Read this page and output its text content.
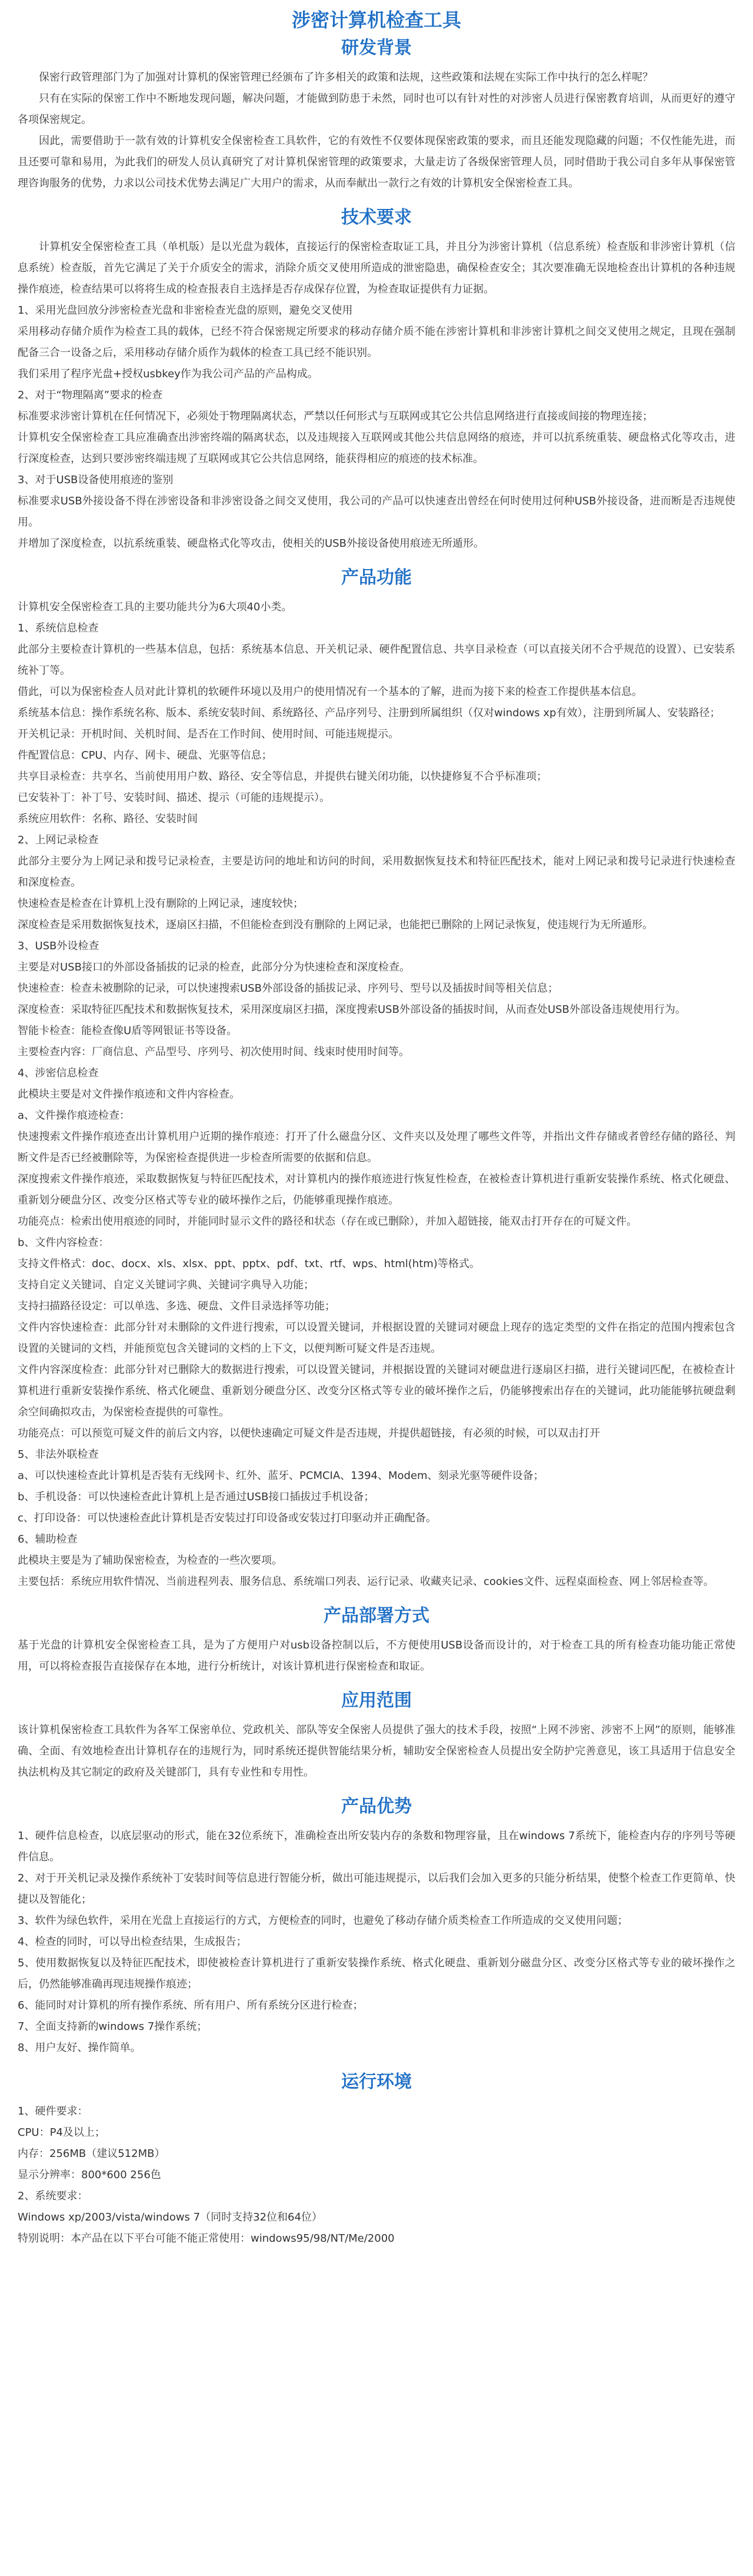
涉密计算机检查工具
研发背景

保密行政管理部门为了加强对计算机的保密管理已经颁布了许多相关的政策和法规，这些政策和法规在实际工作中执行的怎么样呢？

只有在实际的保密工作中不断地发现问题，解决问题，才能做到防患于未然，同时也可以有针对性的对涉密人员进行保密教育培训，从而更好的遵守各项保密规定。

因此，需要借助于一款有效的计算机安全保密检查工具软件，它的有效性不仅要体现保密政策的要求，而且还能发现隐藏的问题；不仅性能先进，而且还要可靠和易用，为此我们的研发人员认真研究了对计算机保密管理的政策要求，大量走访了各级保密管理人员，同时借助于我公司自多年从事保密管理咨询服务的优势，力求以公司技术优势去满足广大用户的需求，从而奉献出一款行之有效的计算机安全保密检查工具。

技术要求

计算机安全保密检查工具（单机版）是以光盘为载体，直接运行的保密检查取证工具，并且分为涉密计算机（信息系统）检查版和非涉密计算机（信息系统）检查版，首先它满足了关于介质安全的需求，消除介质交叉使用所造成的泄密隐患，确保检查安全；其次要准确无误地检查出计算机的各种违规操作痕迹，检查结果可以将将生成的检查报表自主选择是否存成保存位置，为检查取证提供有力证据。

1、采用光盘回放分涉密检查光盘和非密检查光盘的原则，避免交叉使用

采用移动存储介质作为检查工具的载体，已经不符合保密规定所要求的移动存储介质不能在涉密计算机和非涉密计算机之间交叉使用之规定，且现在强制配备三合一设备之后，采用移动存储介质作为载体的检查工具已经不能识别。

我们采用了程序光盘+授权usbkey作为我公司产品的产品构成。

2、对于“物理隔离”要求的检查

标准要求涉密计算机在任何情况下，必须处于物理隔离状态，严禁以任何形式与互联网或其它公共信息网络进行直接或间接的物理连接；

计算机安全保密检查工具应准确查出涉密终端的隔离状态，以及违规接入互联网或其他公共信息网络的痕迹，并可以抗系统重装、硬盘格式化等攻击，进行深度检查，达到只要涉密终端违规了互联网或其它公共信息网络，能获得相应的痕迹的技术标准。

3、对于USB设备使用痕迹的鉴别

标准要求USB外接设备不得在涉密设备和非涉密设备之间交叉使用，我公司的产品可以快速查出曾经在何时使用过何种USB外接设备，进而断是否违规使用。

并增加了深度检查，以抗系统重装、硬盘格式化等攻击，使相关的USB外接设备使用痕迹无所遁形。

产品功能

计算机安全保密检查工具的主要功能共分为6大项40小类。

1、系统信息检查

此部分主要检查计算机的一些基本信息，包括：系统基本信息、开关机记录、硬件配置信息、共享目录检查（可以直接关闭不合乎规范的设置）、已安装系统补丁等。

借此，可以为保密检查人员对此计算机的软硬件环境以及用户的使用情况有一个基本的了解，进而为接下来的检查工作提供基本信息。

系统基本信息：操作系统名称、版本、系统安装时间、系统路径、产品序列号、注册到所属组织（仅对windows xp有效），注册到所属人、安装路径；

开关机记录：开机时间、关机时间、是否在工作时间、使用时间、可能违规提示。

件配置信息：CPU、内存、网卡、硬盘、光驱等信息；

共享目录检查：共享名、当前使用用户数、路径、安全等信息，并提供右键关闭功能，以快捷修复不合乎标准项；

已安装补丁：补丁号、安装时间、描述、提示（可能的违规提示）。

系统应用软件：名称、路径、安装时间

2、上网记录检查

此部分主要分为上网记录和拨号记录检查，主要是访问的地址和访问的时间，采用数据恢复技术和特征匹配技术，能对上网记录和拨号记录进行快速检查和深度检查。

快速检查是检查在计算机上没有删除的上网记录，速度较快；

深度检查是采用数据恢复技术，逐扇区扫描，不但能检查到没有删除的上网记录，也能把已删除的上网记录恢复，使违规行为无所遁形。

3、USB外设检查

主要是对USB接口的外部设备插拔的记录的检查，此部分分为快速检查和深度检查。

快速检查：检查未被删除的记录，可以快速搜索USB外部设备的插拔记录、序列号、型号以及插拔时间等相关信息；

深度检查：采取特征匹配技术和数据恢复技术，采用深度扇区扫描，深度搜索USB外部设备的插拔时间，从而查处USB外部设备违规使用行为。

智能卡检查：能检查像U盾等网银证书等设备。

主要检查内容：厂商信息、产品型号、序列号、初次使用时间、线束时使用时间等。

4、涉密信息检查

此模块主要是对文件操作痕迹和文件内容检查。

a、文件操作痕迹检查：

快速搜索文件操作痕迹查出计算机用户近期的操作痕迹：打开了什么磁盘分区、文件夹以及处理了哪些文件等，并指出文件存储或者曾经存储的路径、判断文件是否已经被删除等，为保密检查提供进一步检查所需要的依据和信息。

深度搜索文件操作痕迹，采取数据恢复与特征匹配技术，对计算机内的操作痕迹进行恢复性检查，在被检查计算机进行重新安装操作系统、格式化硬盘、重新划分硬盘分区、改变分区格式等专业的破坏操作之后，仍能够重现操作痕迹。

功能亮点：检索出使用痕迹的同时，并能同时显示文件的路径和状态（存在或已删除），并加入超链接，能双击打开存在的可疑文件。

b、文件内容检查：

支持文件格式：doc、docx、xls、xlsx、ppt、pptx、pdf、txt、rtf、wps、html(htm)等格式。

支持自定义关键词、自定义关键词字典、关键词字典导入功能；

支持扫描路径设定：可以单选、多选、硬盘、文件目录选择等功能；

文件内容快速检查：此部分针对未删除的文件进行搜索，可以设置关键词，并根据设置的关键词对硬盘上现存的选定类型的文件在指定的范围内搜索包含设置的关键词的文档，并能预览包含关键词的文档的上下文，以便判断可疑文件是否违规。

文件内容深度检查：此部分针对已删除大的数据进行搜索，可以设置关键词，并根据设置的关键词对硬盘进行逐扇区扫描，进行关键词匹配，在被检查计算机进行重新安装操作系统、格式化硬盘、重新划分硬盘分区、改变分区格式等专业的破坏操作之后，仍能够搜索出存在的关键词，此功能能够抗硬盘剩余空间确拟攻击，为保密检查提供的可靠性。

功能亮点：可以预览可疑文件的前后文内容，以便快速确定可疑文件是否违规，并提供超链接，有必须的时候，可以双击打开

5、非法外联检查

a、可以快速检查此计算机是否装有无线网卡、红外、蓝牙、PCMCIA、1394、Modem、刻录光驱等硬件设备；

b、手机设备：可以快速检查此计算机上是否通过USB接口插拔过手机设备；

c、打印设备：可以快速检查此计算机是否安装过打印设备或安装过打印驱动并正确配备。

6、辅助检查

此模块主要是为了辅助保密检查，为检查的一些次要项。

主要包括：系统应用软件情况、当前进程列表、服务信息、系统端口列表、运行记录、收藏夹记录、cookies文件、远程桌面检查、网上邻居检查等。

产品部署方式

基于光盘的计算机安全保密检查工具，是为了方便用户对usb设备控制以后，不方便使用USB设备而设计的，对于检查工具的所有检查功能功能正常使用，可以将检查报告直接保存在本地，进行分析统计，对该计算机进行保密检查和取证。

应用范围

该计算机保密检查工具软件为各军工保密单位、党政机关、部队等安全保密人员提供了强大的技术手段，按照“上网不涉密、涉密不上网”的原则，能够准确、全面、有效地检查出计算机存在的违规行为，同时系统还提供智能结果分析，辅助安全保密检查人员提出安全防护完善意见，该工具适用于信息安全执法机构及其它制定的政府及关键部门，具有专业性和专用性。

产品优势

1、硬件信息检查，以底层驱动的形式，能在32位系统下，准确检查出所安装内存的条数和物理容量，且在windows 7系统下，能检查内存的序列号等硬件信息。

2、对于开关机记录及操作系统补丁安装时间等信息进行智能分析，做出可能违规提示，以后我们会加入更多的只能分析结果，使整个检查工作更简单、快捷以及智能化；

3、软件为绿色软件，采用在光盘上直接运行的方式，方便检查的同时，也避免了移动存储介质类检查工作所造成的交叉使用问题；

4、检查的同时，可以导出检查结果，生成报告；

5、使用数据恢复以及特征匹配技术，即使被检查计算机进行了重新安装操作系统、格式化硬盘、重新划分磁盘分区、改变分区格式等专业的破坏操作之后，仍然能够准确再现违规操作痕迹；

6、能同时对计算机的所有操作系统、所有用户、所有系统分区进行检查；

7、全面支持新的windows 7操作系统；

8、用户友好、操作简单。

运行环境

1、硬件要求：

CPU：P4及以上；

内存：256MB（建议512MB）

显示分辨率：800*600 256色

2、系统要求：

Windows xp/2003/vista/windows 7（同时支持32位和64位）

特别说明：本产品在以下平台可能不能正常使用：windows95/98/NT/Me/2000
